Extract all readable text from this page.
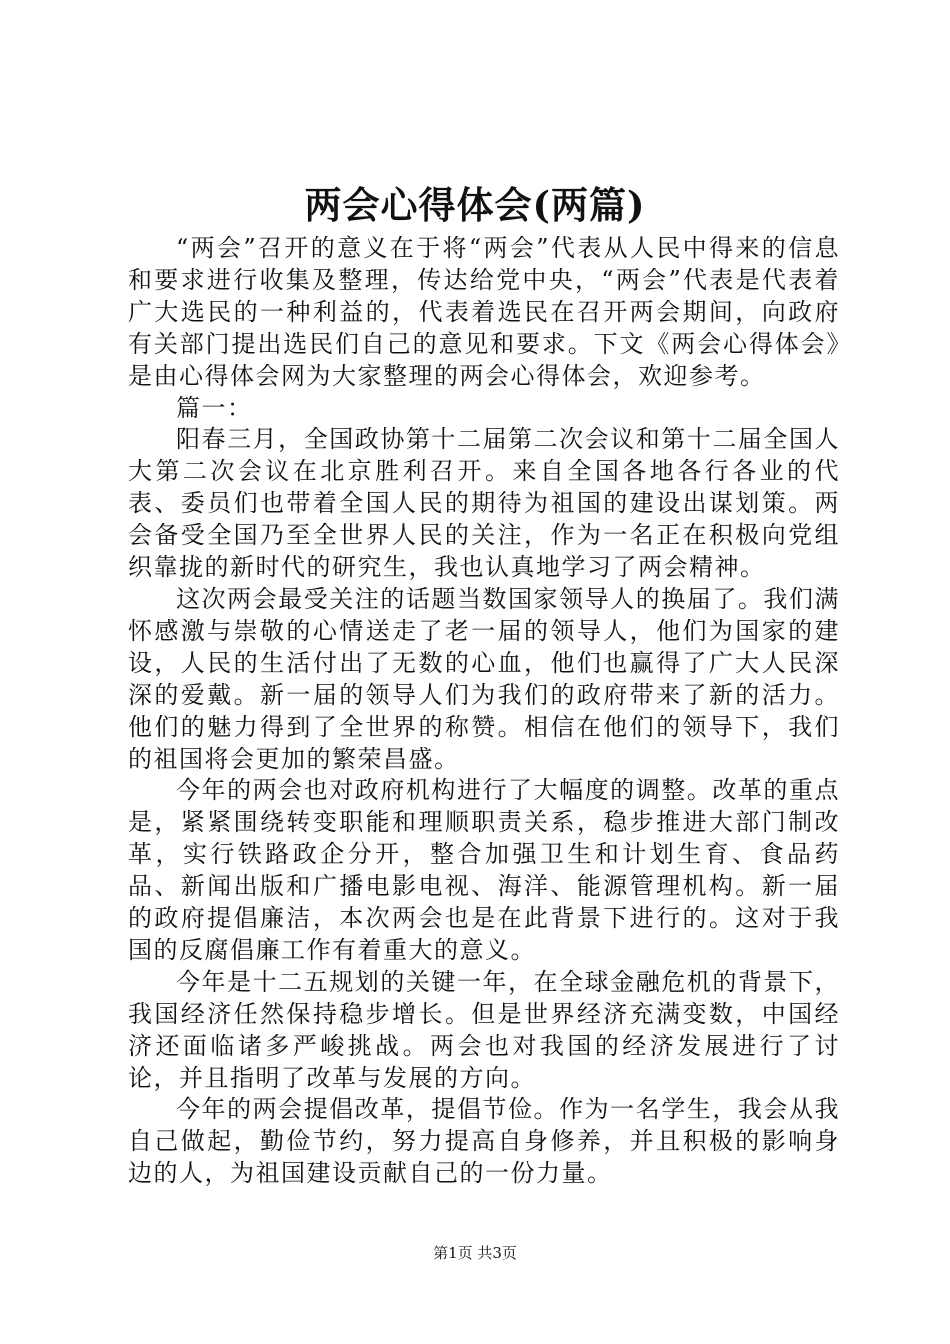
两会心得体会(两篇)

“两会”召开的意义在于将“两会”代表从人民中得来的信息和要求进行收集及整理，传达给党中央，“两会”代表是代表着广大选民的一种利益的，代表着选民在召开两会期间，向政府有关部门提出选民们自己的意见和要求。下文《两会心得体会》是由心得体会网为大家整理的两会心得体会，欢迎参考。

篇一：

阳春三月，全国政协第十二届第二次会议和第十二届全国人大第二次会议在北京胜利召开。来自全国各地各行各业的代表、委员们也带着全国人民的期待为祖国的建设出谋划策。两会备受全国乃至全世界人民的关注，作为一名正在积极向党组织靠拢的新时代的研究生，我也认真地学习了两会精神。

这次两会最受关注的话题当数国家领导人的换届了。我们满怀感激与崇敬的心情送走了老一届的领导人，他们为国家的建设，人民的生活付出了无数的心血，他们也赢得了广大人民深深的爱戴。新一届的领导人们为我们的政府带来了新的活力。他们的魅力得到了全世界的称赞。相信在他们的领导下，我们的祖国将会更加的繁荣昌盛。

今年的两会也对政府机构进行了大幅度的调整。改革的重点是，紧紧围绕转变职能和理顺职责关系，稳步推进大部门制改革，实行铁路政企分开，整合加强卫生和计划生育、食品药品、新闻出版和广播电影电视、海洋、能源管理机构。新一届的政府提倡廉洁，本次两会也是在此背景下进行的。这对于我国的反腐倡廉工作有着重大的意义。

今年是十二五规划的关键一年，在全球金融危机的背景下，我国经济任然保持稳步增长。但是世界经济充满变数，中国经济还面临诸多严峻挑战。两会也对我国的经济发展进行了讨论，并且指明了改革与发展的方向。

今年的两会提倡改革，提倡节俭。作为一名学生，我会从我自己做起，勤俭节约，努力提高自身修养，并且积极的影响身边的人，为祖国建设贡献自己的一份力量。

第1页 共3页
